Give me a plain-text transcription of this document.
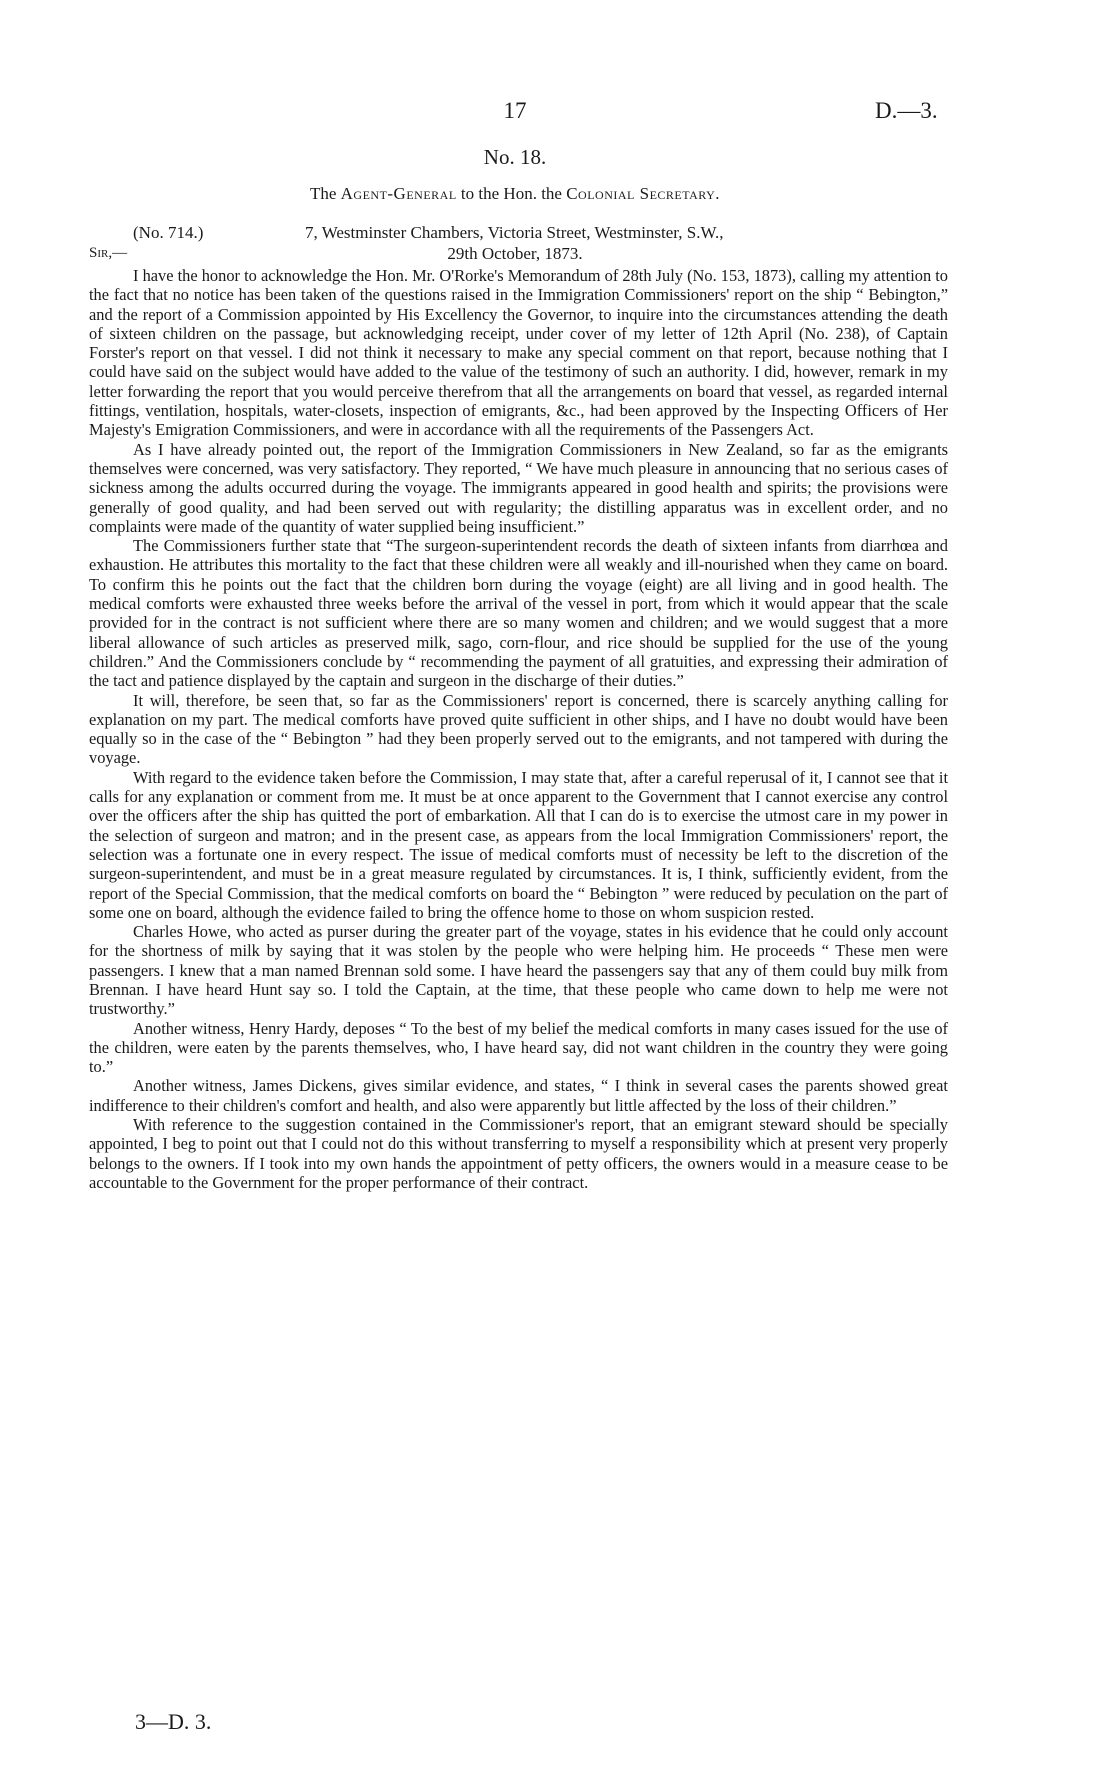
17	D.—3.
No. 18.
The Agent-General to the Hon. the Colonial Secretary.
(No. 714.)	7, Westminster Chambers, Victoria Street, Westminster, S.W.,
Sir,—	29th October, 1873.

I have the honor to acknowledge the Hon. Mr. O'Rorke's Memorandum of 28th July (No. 153, 1873), calling my attention to the fact that no notice has been taken of the questions raised in the Immigration Commissioners' report on the ship “ Bebington,” and the report of a Commission appointed by His Excellency the Governor, to inquire into the circumstances attending the death of sixteen children on the passage, but acknowledging receipt, under cover of my letter of 12th April (No. 238), of Captain Forster's report on that vessel. I did not think it necessary to make any special comment on that report, because nothing that I could have said on the subject would have added to the value of the testimony of such an authority. I did, however, remark in my letter forwarding the report that you would perceive therefrom that all the arrangements on board that vessel, as regarded internal fittings, ventilation, hospitals, water-closets, inspection of emigrants, &c., had been approved by the Inspecting Officers of Her Majesty's Emigration Commissioners, and were in accordance with all the requirements of the Passengers Act.

As I have already pointed out, the report of the Immigration Commissioners in New Zealand, so far as the emigrants themselves were concerned, was very satisfactory. They reported, “ We have much pleasure in announcing that no serious cases of sickness among the adults occurred during the voyage. The immigrants appeared in good health and spirits; the provisions were generally of good quality, and had been served out with regularity; the distilling apparatus was in excellent order, and no complaints were made of the quantity of water supplied being insufficient.”

The Commissioners further state that “The surgeon-superintendent records the death of sixteen infants from diarrhœa and exhaustion. He attributes this mortality to the fact that these children were all weakly and ill-nourished when they came on board. To confirm this he points out the fact that the children born during the voyage (eight) are all living and in good health. The medical comforts were exhausted three weeks before the arrival of the vessel in port, from which it would appear that the scale provided for in the contract is not sufficient where there are so many women and children; and we would suggest that a more liberal allowance of such articles as preserved milk, sago, corn-flour, and rice should be supplied for the use of the young children.” And the Commissioners conclude by “ recommending the payment of all gratuities, and expressing their admiration of the tact and patience displayed by the captain and surgeon in the discharge of their duties.”

It will, therefore, be seen that, so far as the Commissioners' report is concerned, there is scarcely anything calling for explanation on my part. The medical comforts have proved quite sufficient in other ships, and I have no doubt would have been equally so in the case of the “ Bebington ” had they been properly served out to the emigrants, and not tampered with during the voyage.

With regard to the evidence taken before the Commission, I may state that, after a careful reperusal of it, I cannot see that it calls for any explanation or comment from me. It must be at once apparent to the Government that I cannot exercise any control over the officers after the ship has quitted the port of embarkation. All that I can do is to exercise the utmost care in my power in the selection of surgeon and matron; and in the present case, as appears from the local Immigration Commissioners' report, the selection was a fortunate one in every respect. The issue of medical comforts must of necessity be left to the discretion of the surgeon-superintendent, and must be in a great measure regulated by circumstances. It is, I think, sufficiently evident, from the report of the Special Commission, that the medical comforts on board the “ Bebington ” were reduced by peculation on the part of some one on board, although the evidence failed to bring the offence home to those on whom suspicion rested.

Charles Howe, who acted as purser during the greater part of the voyage, states in his evidence that he could only account for the shortness of milk by saying that it was stolen by the people who were helping him. He proceeds “ These men were passengers. I knew that a man named Brennan sold some. I have heard the passengers say that any of them could buy milk from Brennan. I have heard Hunt say so. I told the Captain, at the time, that these people who came down to help me were not trustworthy.”

Another witness, Henry Hardy, deposes “ To the best of my belief the medical comforts in many cases issued for the use of the children, were eaten by the parents themselves, who, I have heard say, did not want children in the country they were going to.”

Another witness, James Dickens, gives similar evidence, and states, “ I think in several cases the parents showed great indifference to their children's comfort and health, and also were apparently but little affected by the loss of their children.”

With reference to the suggestion contained in the Commissioner's report, that an emigrant steward should be specially appointed, I beg to point out that I could not do this without transferring to myself a responsibility which at present very properly belongs to the owners. If I took into my own hands the appointment of petty officers, the owners would in a measure cease to be accountable to the Government for the proper performance of their contract.

3—D. 3.
